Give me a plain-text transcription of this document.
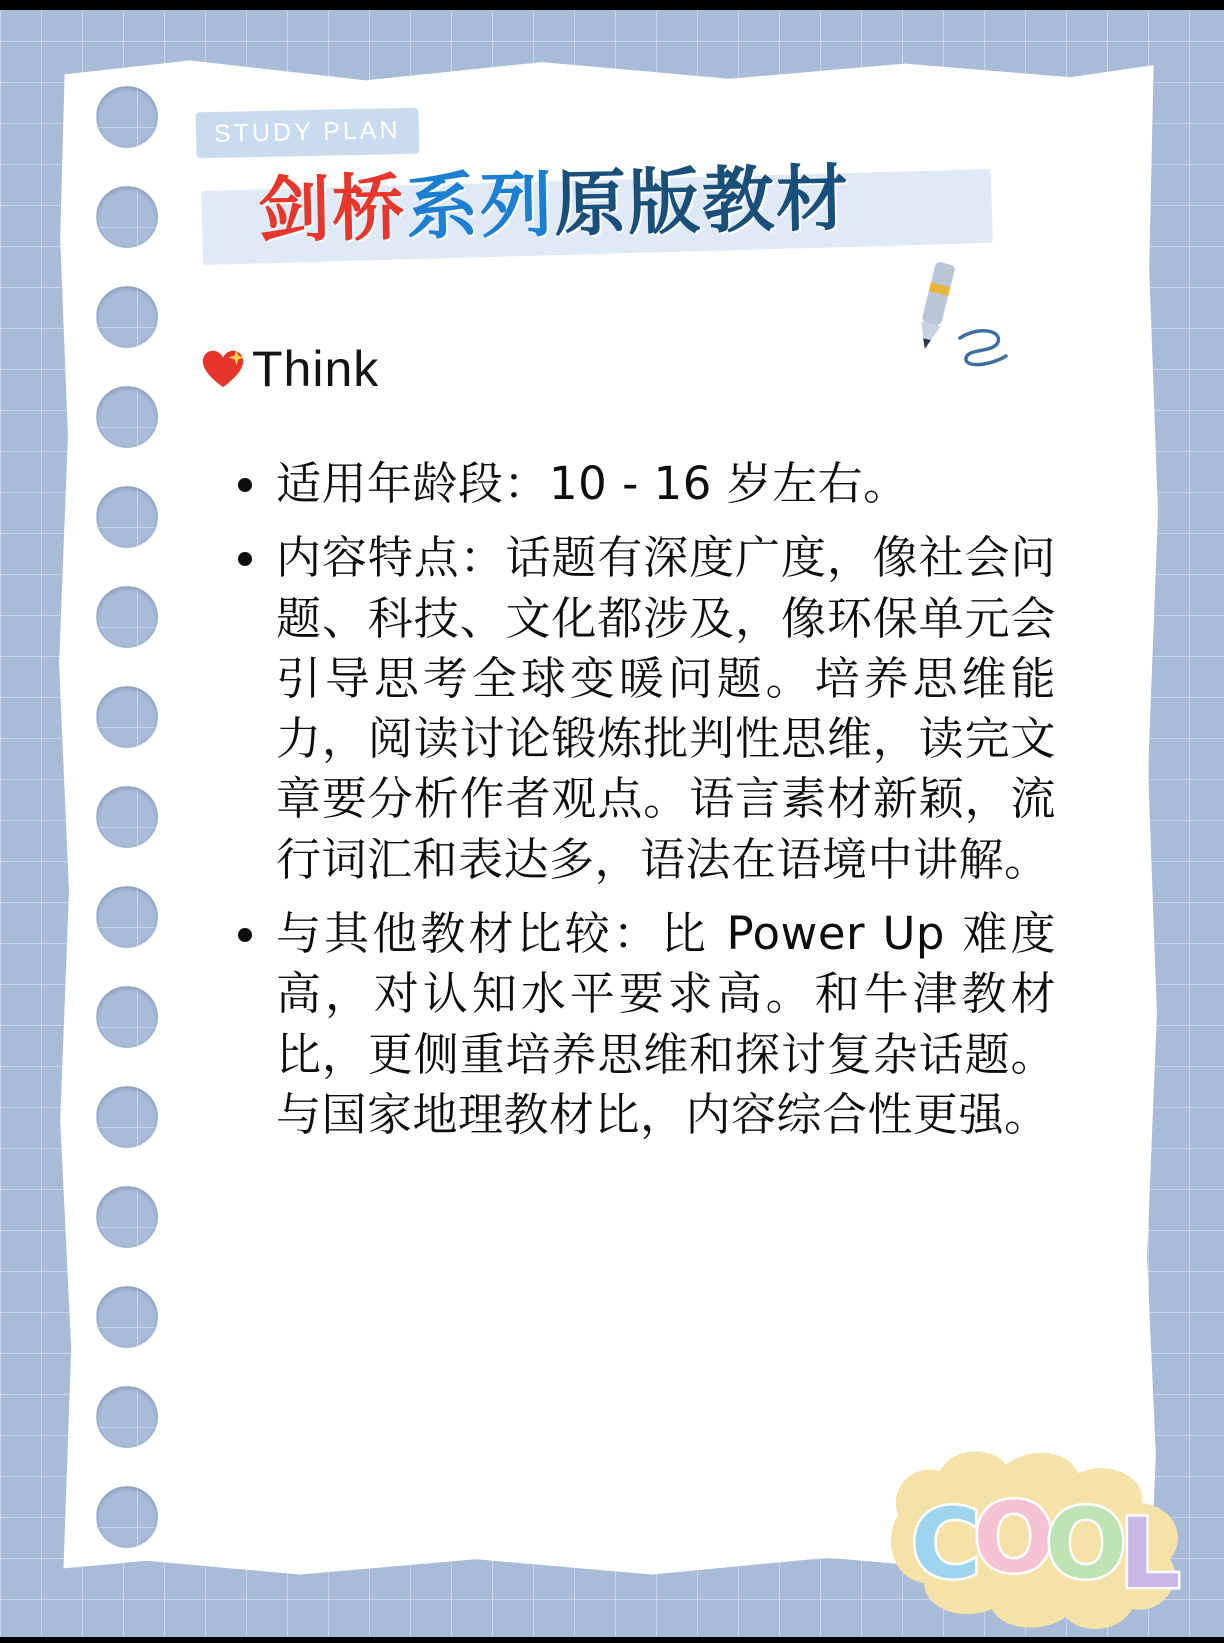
STUDY PLAN
剑桥系列原版教材
Think
适用年龄段：10 - 16 岁左右。
内容特点：话题有深度广度，像社会问题、科技、文化都涉及，像环保单元会引导思考全球变暖问题。培养思维能力，阅读讨论锻炼批判性思维，读完文章要分析作者观点。语言素材新颖，流行词汇和表达多，语法在语境中讲解。
与其他教材比较：比 Power Up 难度高，对认知水平要求高。和牛津教材比，更侧重培养思维和探讨复杂话题。与国家地理教材比，内容综合性更强。
C
O
O
L
